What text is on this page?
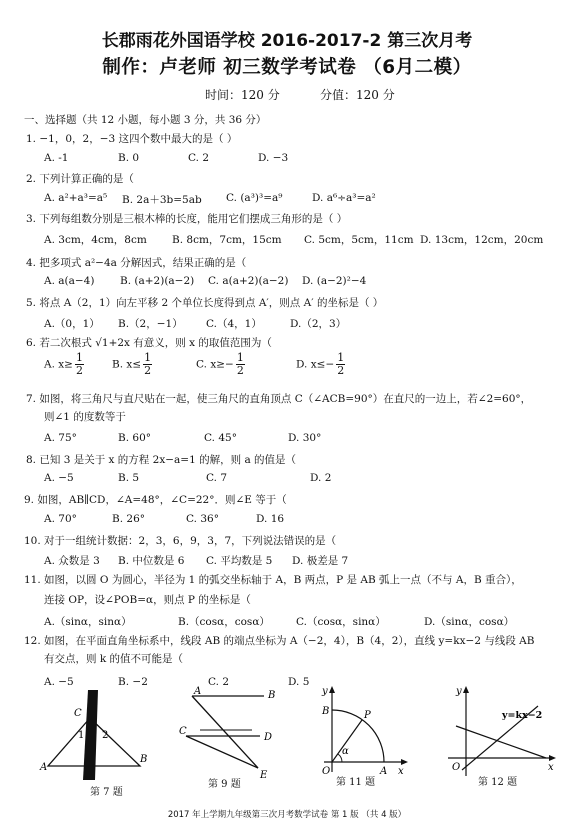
长郡雨花外国语学校 2016-2017-2 第三次月考
制作：卢老师 初三数学考试卷 （6月二模）
时间：120 分	分值：120 分
一、选择题（共 12 小题，每小题 3 分，共 36 分）
1. −1，0，2，−3 这四个数中最大的是（ ）
A. -1	B. 0	C. 2	D. −3
2. 下列计算正确的是（
A. a²+a³=a⁵ B. 2a＋3b=5ab C. (a³)³=a⁹	D. a⁶÷a³=a²
3. 下列每组数分别是三根木棒的长度，能用它们摆成三角形的是（ ）
A. 3cm，4cm，8cm B. 8cm，7cm，15cm C. 5cm，5cm，11cm D. 13cm，12cm，20cm
4. 把多项式 a²−4a 分解因式，结果正确的是（
A. a(a−4) B. (a+2)(a−2) C. a(a+2)(a−2) D. (a−2)²−4
5. 将点 A（2，1）向左平移 2 个单位长度得到点 A′，则点 A′ 的坐标是（ ）
A.（0，1） B.（2，−1） C.（4，1）	D.（2，3）
6. 若二次根式 √1+2x 有意义，则 x 的取值范围为（
A. $x\ge \frac{1}{2}$	B. $x\le \frac{1}{2}$	C. $x\ge- \frac{1}{2}$	D. $x\le- \frac{1}{2}$
7. 如图，将三角尺与直尺贴在一起，使三角尺的直角顶点 C（∠ACB=90°）在直尺的一边上，若∠2=60°，
则∠1 的度数等于
A. 75°	B. 60°	C. 45°	D. 30°
8. 已知 3 是关于 x 的方程 2x−a=1 的解，则 a 的值是（
A. −5	B. 5	C. 7	D. 2
9. 如图，AB∥CD，∠A=48°，∠C=22°．则∠E 等于（
A. 70°	B. 26°	C. 36°	D. 16
10. 对于一组统计数据：2，3，6，9，3，7，下列说法错误的是（
A. 众数是 3 B. 中位数是 6 C. 平均数是 5 D. 极差是 7
11. 如图，以圆 O 为圆心，半径为 1 的弧交坐标轴于 A，B 两点，P 是 AB 弧上一点（不与 A，B 重合），
连接 OP，设∠POB=α，则点 P 的坐标是（
A.（sinα，sinα）	B.（cosα，cosα） C.（cosα，sinα）	D.（sinα，cosα）
12. 如图，在平面直角坐标系中，线段 AB 的端点坐标为 A（−2，4），B（4，2），直线 y=kx−2 与线段 AB
有交点，则 k 的值不可能是（
A. −5	B. −2	C. 2	D. 5
C
1 2
A
B
第 7 题
A	B
C
D
E
第 9 题
y
B	P
α
O	A x
第 11 题
y
y=kx−2
O	x
第 12 题
2017 年上学期九年级第三次月考数学试卷 第 1 版 （共 4 版）
